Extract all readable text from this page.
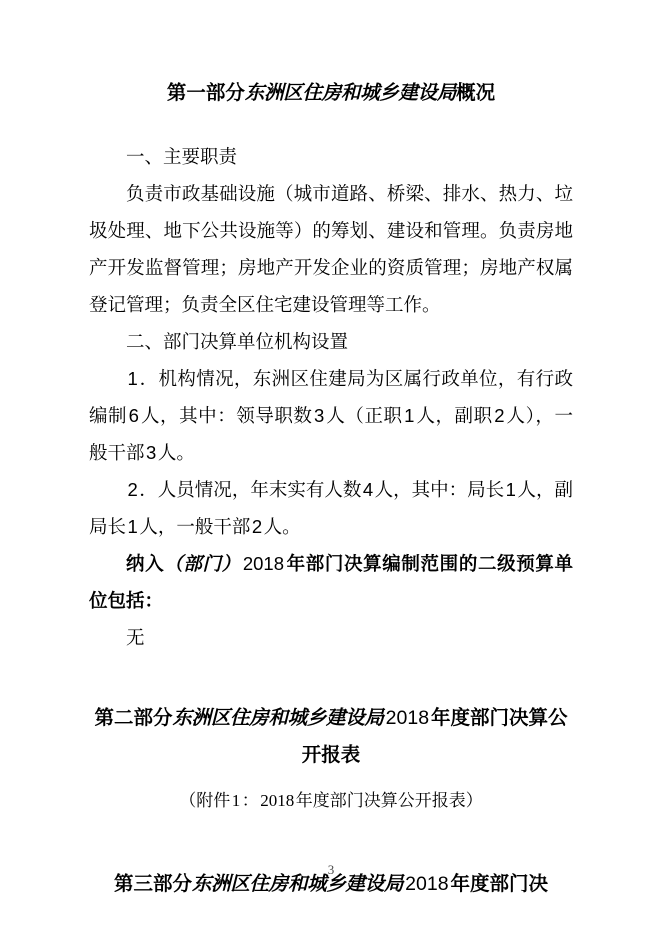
第一部分东洲区住房和城乡建设局概况
一、主要职责
负责市政基础设施（城市道路、桥梁、排水、热力、垃圾处理、地下公共设施等）的筹划、建设和管理。负责房地产开发监督管理；房地产开发企业的资质管理；房地产权属登记管理；负责全区住宅建设管理等工作。
二、部门决算单位机构设置
1．机构情况，东洲区住建局为区属行政单位，有行政编制6人，其中：领导职数3人（正职1人，副职2人），一般干部3人。
2．人员情况，年末实有人数4人，其中：局长1人，副局长1人，一般干部2人。
纳入（部门） 2018 年部门决算编制范围的二级预算单位包括：
无
第二部分东洲区住房和城乡建设局 2018 年度部门决算公开报表
（附件1：2018年度部门决算公开报表）
第三部分东洲区住房和城乡建设局 2018 年度部门决
3
